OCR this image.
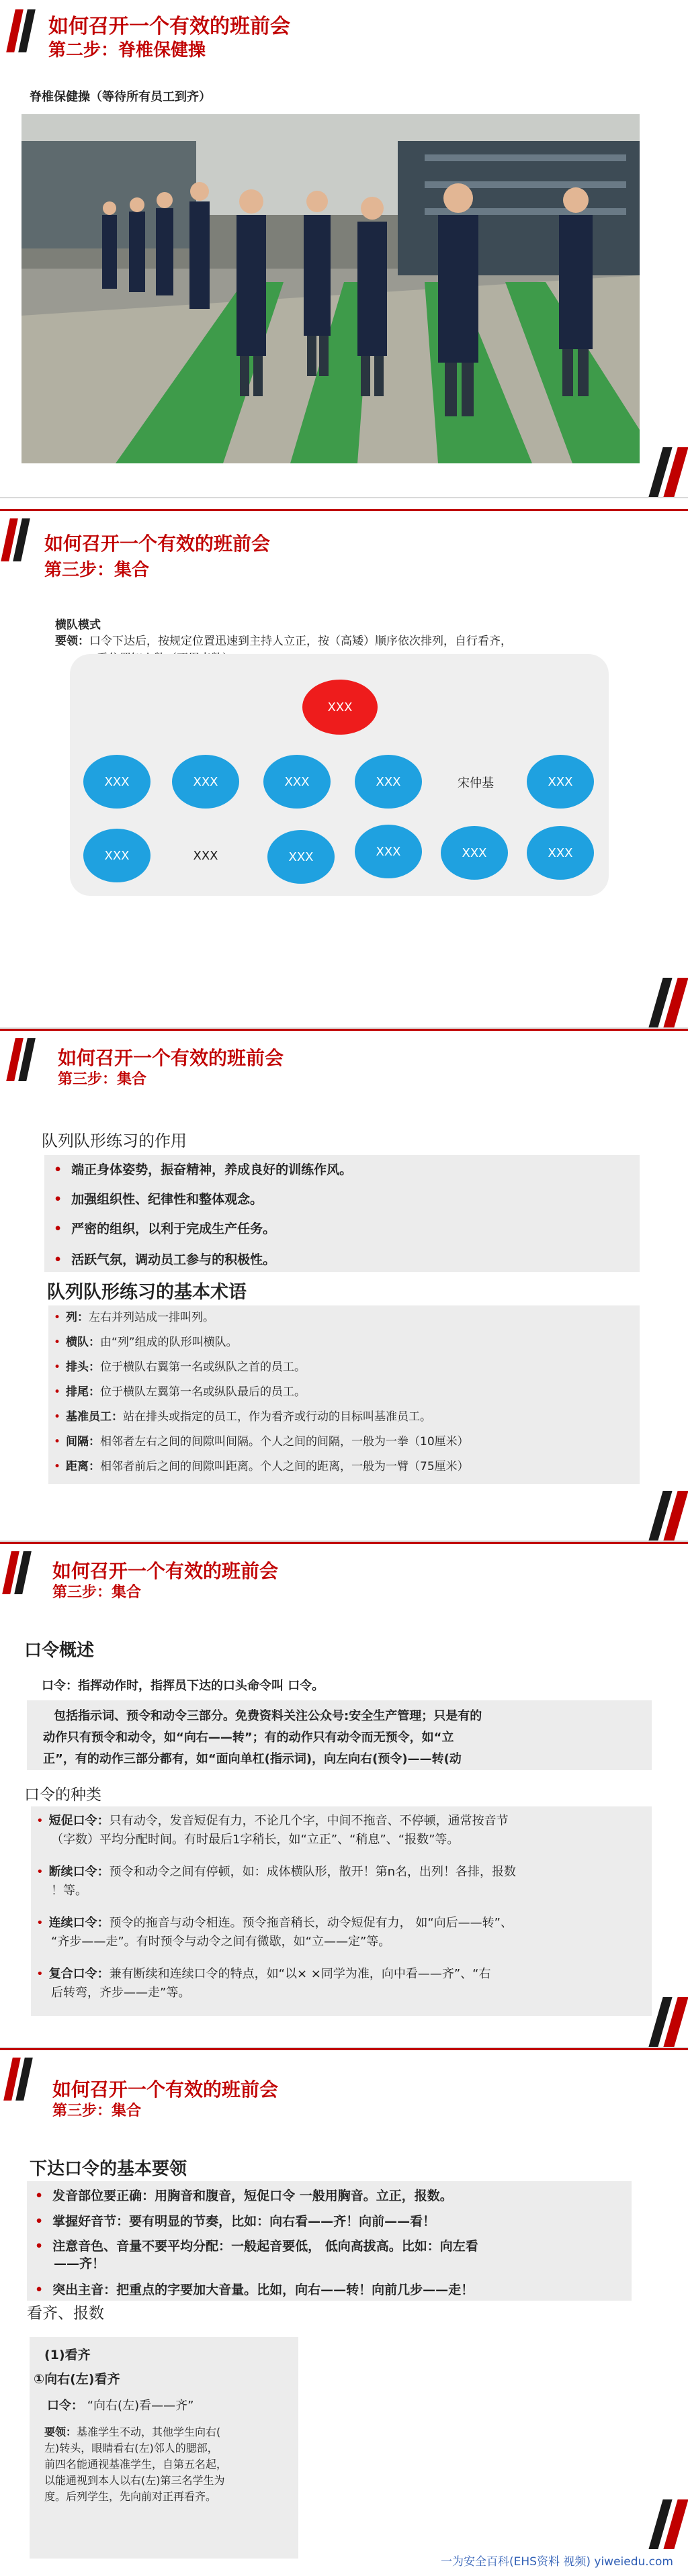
如何召开一个有效的班前会
第二步：脊椎保健操
脊椎保健操（等待所有员工到齐）
如何召开一个有效的班前会
第三步：集合
横队模式
要领：口令下达后，按规定位置迅速到主持人立正，按（高矮）顺序依次排列，自行看齐，

XXX
XXX	XXX	XXX	XXX	宋仲基	XXX
XXX	XXX	XXX	XXX	XXX	XXX
如何召开一个有效的班前会
第三步：集合
队列队形练习的作用
• 端正身体姿势，振奋精神，养成良好的训练作风。
• 加强组织性、纪律性和整体观念。
• 严密的组织，以利于完成生产任务。
• 活跃气氛，调动员工参与的积极性。
队列队形练习的基本术语
• 列：左右并列站成一排叫列。
• 横队：由“列”组成的队形叫横队。
• 排头：位于横队右翼第一名或纵队之首的员工。
• 排尾：位于横队左翼第一名或纵队最后的员工。
• 基准员工：站在排头或指定的员工，作为看齐或行动的目标叫基准员工。
• 间隔：相邻者左右之间的间隙叫间隔。个人之间的间隔，一般为一拳（10厘米）
• 距离：相邻者前后之间的间隙叫距离。个人之间的距离，一般为一臂（75厘米）
如何召开一个有效的班前会
第三步：集合
口令概述
口令：指挥动作时，指挥员下达的口头命令叫 口令。
包括指示词、预令和动令三部分。免费资料关注公众号:安全生产管理；只是有的
动作只有预令和动令，如“向右——转”；有的动作只有动令而无预令，如“立
正”，有的动作三部分都有，如“面向单杠(指示词)，向左向右(预令)——转(动
口令的种类
• 短促口令：只有动令，发音短促有力，不论几个字，中间不拖音、不停顿，通常按音节
（字数）平均分配时间。有时最后1字稍长，如“立正”、“稍息”、“报数”等。
• 断续口令：预令和动令之间有停顿，如：成体横队形，散开！第n名，出列！各排，报数
！等。
• 连续口令：预令的拖音与动令相连。预令拖音稍长，动令短促有力， 如“向后——转”、
“齐步——走”。有时预令与动令之间有微歇，如“立——定”等。
• 复合口令：兼有断续和连续口令的特点，如“以× ×同学为准，向中看——齐”、“右
后转弯，齐步——走”等。
如何召开一个有效的班前会
第三步：集合
下达口令的基本要领
• 发音部位要正确：用胸音和腹音，短促口令 一般用胸音。立正，报数。
• 掌握好音节：要有明显的节奏，比如：向右看——齐！向前——看！
• 注意音色、音量不要平均分配：一般起音要低， 低向高拔高。比如：向左看
——齐！
• 突出主音：把重点的字要加大音量。比如，向右——转！向前几步——走！
看齐、报数
(1)看齐
①向右(左)看齐
口令： “向右(左)看——齐”
要领：基准学生不动，其他学生向右(
左)转头，眼睛看右(左)邻人的腮部，
前四名能通视基准学生，自第五名起，
以能通视到本人以右(左)第三名学生为
度。后列学生，先向前对正再看齐。
一为安全百科(EHS资料 视频) yiweiedu.com
